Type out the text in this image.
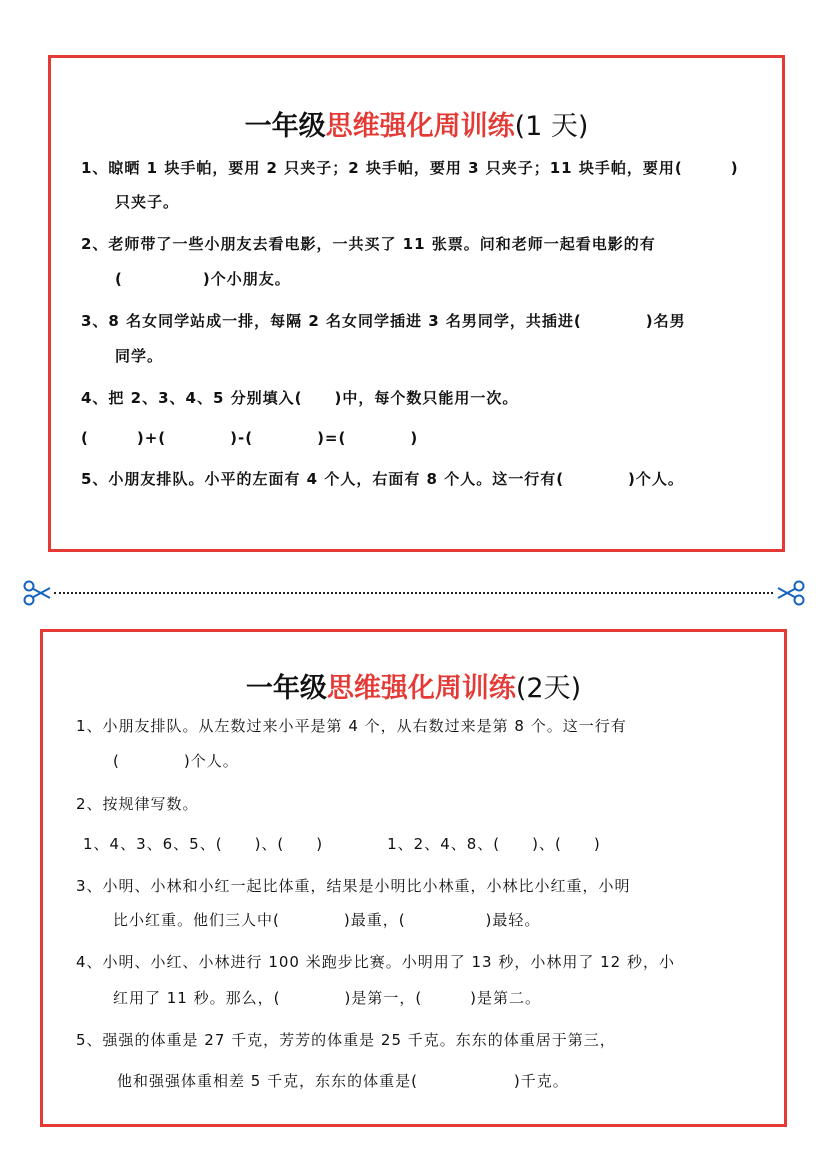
一年级思维强化周训练(1 天)
1、晾晒 1 块手帕，要用 2 只夹子；2 块手帕，要用 3 只夹子；11 块手帕，要用(　　　)
只夹子。
2、老师带了一些小朋友去看电影，一共买了 11 张票。问和老师一起看电影的有
(　　　　　)个小朋友。
3、8 名女同学站成一排，每隔 2 名女同学插进 3 名男同学，共插进(　　　　)名男
同学。
4、把 2、3、4、5 分别填入(　　)中，每个数只能用一次。
(　　　)+(　　　　)-(　　　　)=(　　　　)
5、小朋友排队。小平的左面有 4 个人，右面有 8 个人。这一行有(　　　　)个人。
一年级思维强化周训练(2天)
1、小朋友排队。从左数过来小平是第 4 个，从右数过来是第 8 个。这一行有
(　　　　)个人。
2、按规律写数。
1、4、3、6、5、(　　)、(　　)　　　　1、2、4、8、(　　)、(　　)
3、小明、小林和小红一起比体重，结果是小明比小林重，小林比小红重，小明
比小红重。他们三人中(　　　　)最重，(　　　　　)最轻。
4、小明、小红、小林进行 100 米跑步比赛。小明用了 13 秒，小林用了 12 秒，小
红用了 11 秒。那么，(　　　　)是第一，(　　　)是第二。
5、强强的体重是 27 千克，芳芳的体重是 25 千克。东东的体重居于第三，
他和强强体重相差 5 千克，东东的体重是(　　　　　　)千克。
